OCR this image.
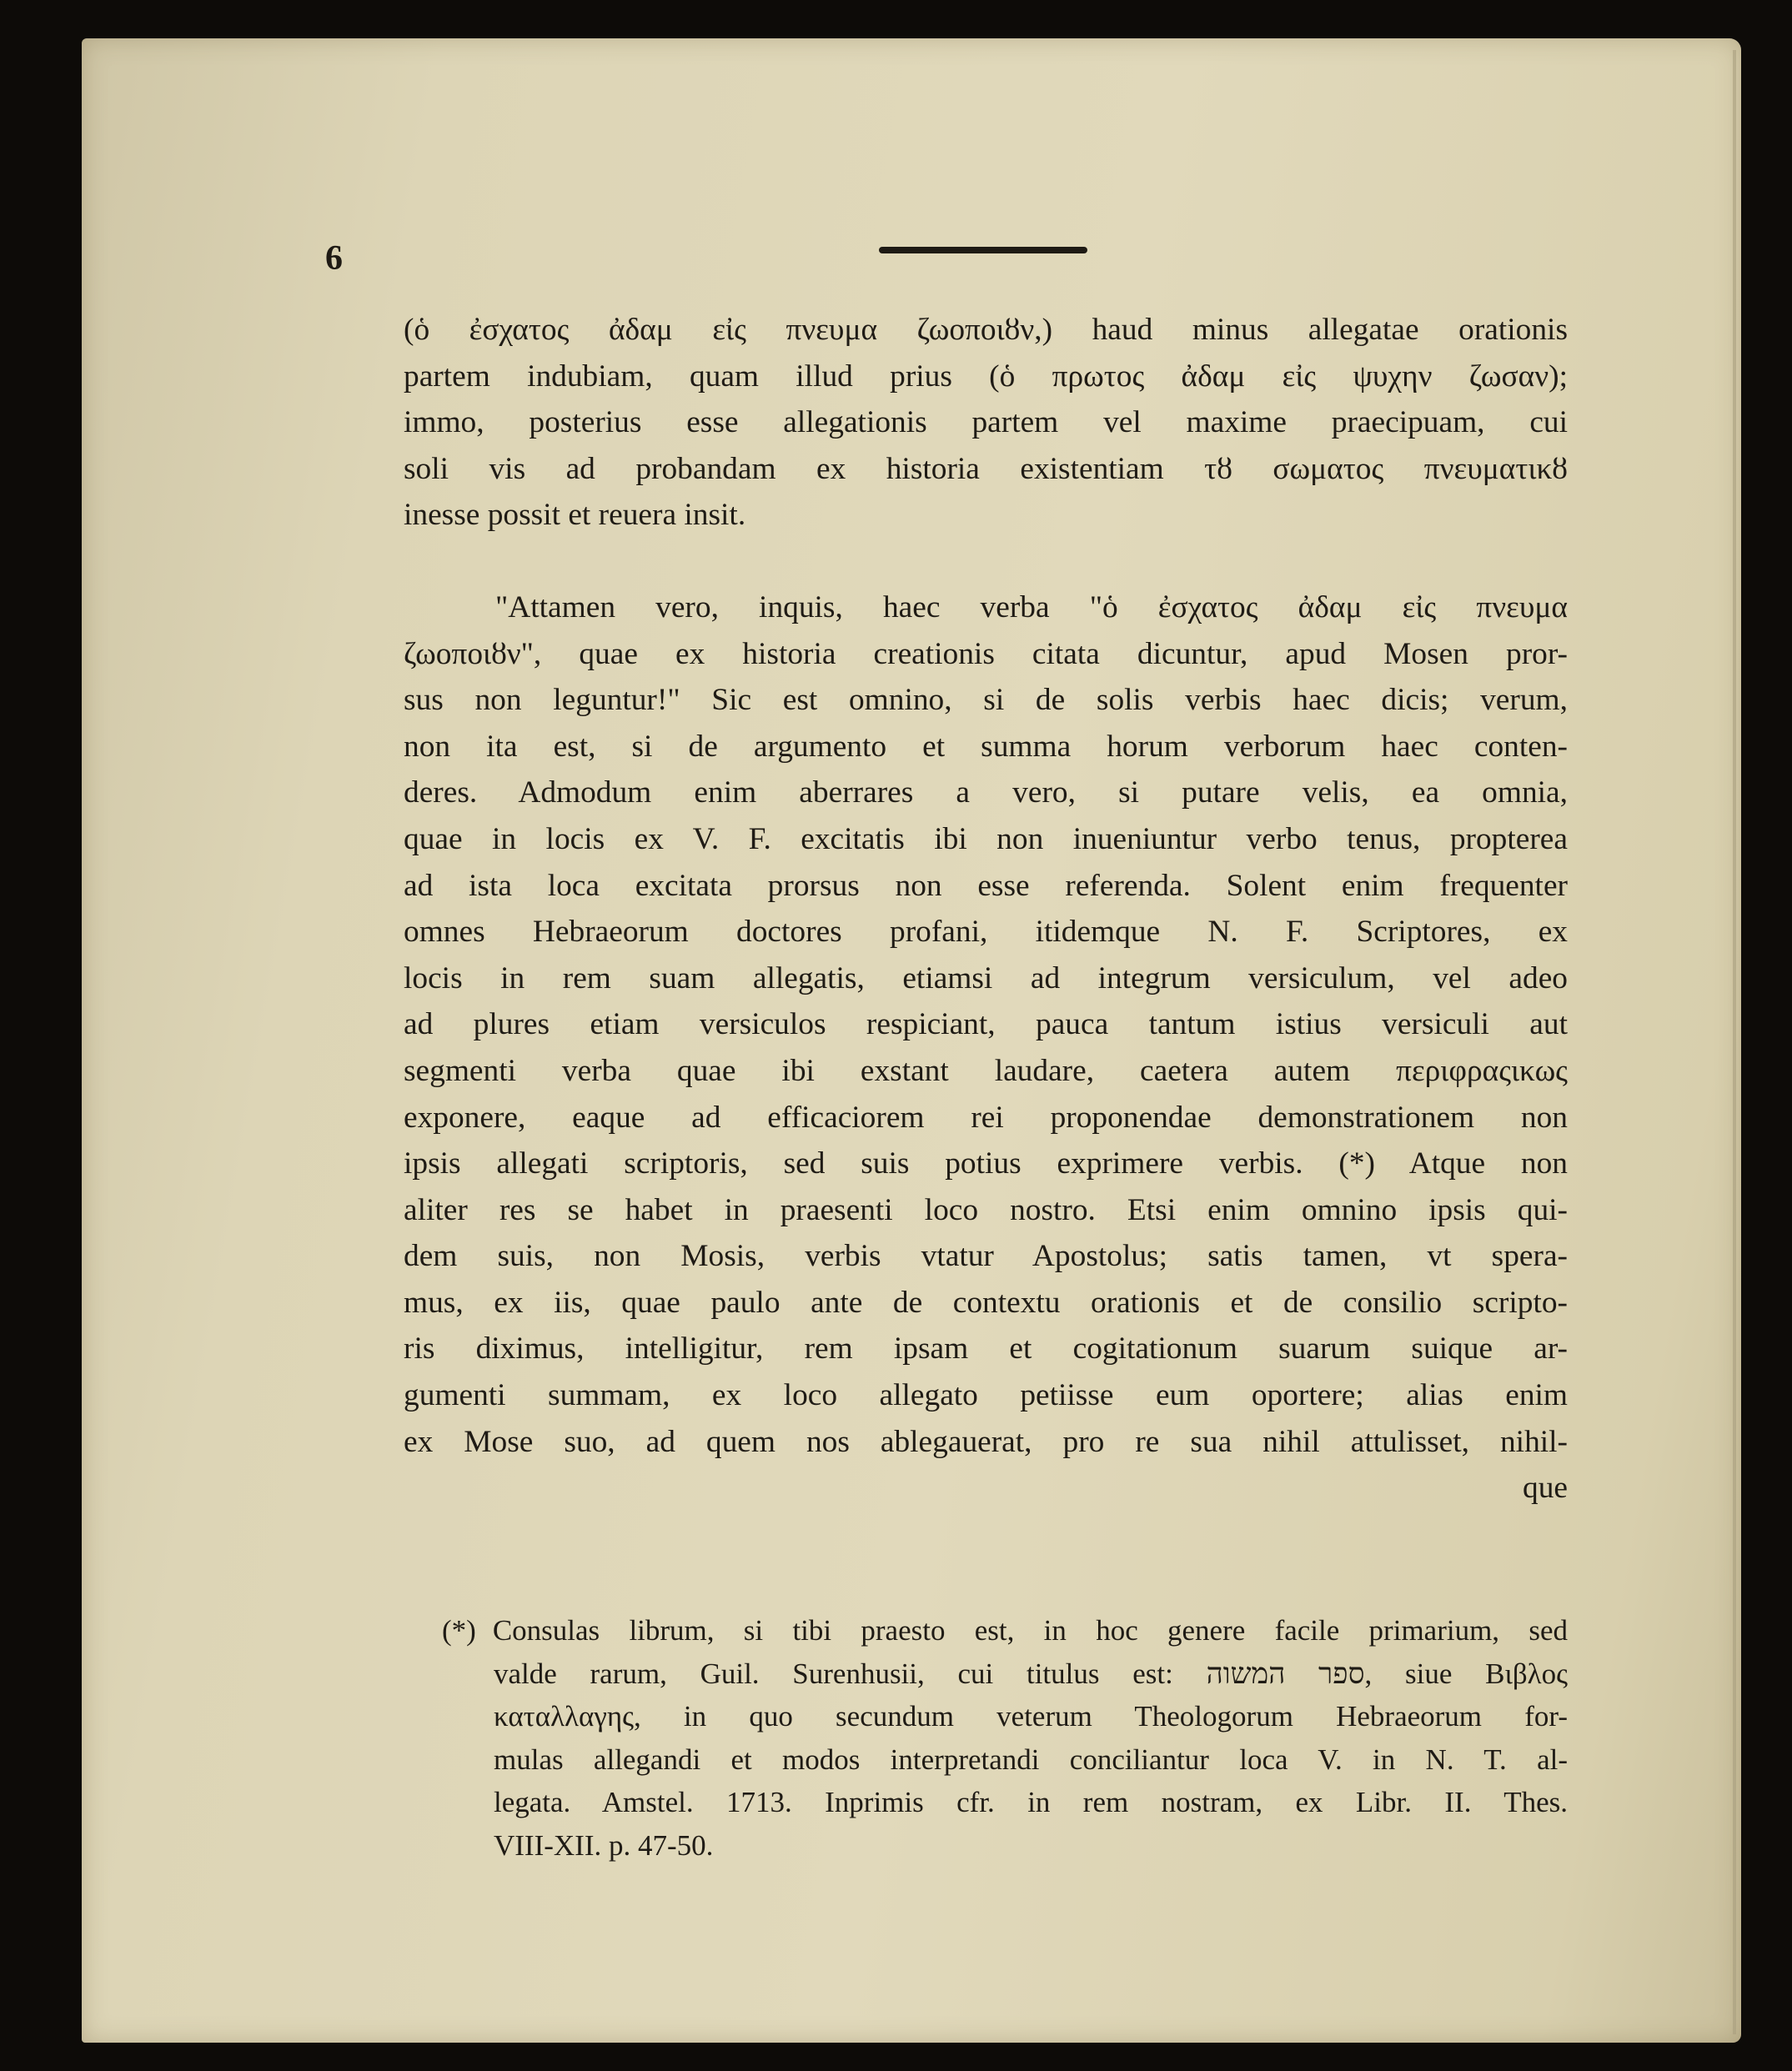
6
(ὁ ἐσχατος ἀδαμ εἰς πνευμα ζωοποιȣν,) haud minus allegatae orationis
partem indubiam, quam illud prius (ὁ πρωτος ἀδαμ εἰς ψυχην ζωσαν);
immo, posterius esse allegationis partem vel maxime praecipuam, cui
soli vis ad probandam ex historia existentiam τȣ σωματος πνευματικȣ
inesse possit et reuera insit.
"Attamen vero, inquis, haec verba "ὁ ἐσχατος ἀδαμ εἰς πνευμα
ζωοποιȣν", quae ex historia creationis citata dicuntur, apud Mosen pror-
sus non leguntur!" Sic est omnino, si de solis verbis haec dicis; verum,
non ita est, si de argumento et summa horum verborum haec conten-
deres. Admodum enim aberrares a vero, si putare velis, ea omnia,
quae in locis ex V. F. excitatis ibi non inueniuntur verbo tenus, propterea
ad ista loca excitata prorsus non esse referenda. Solent enim frequenter
omnes Hebraeorum doctores profani, itidemque N. F. Scriptores, ex
locis in rem suam allegatis, etiamsi ad integrum versiculum, vel adeo
ad plures etiam versiculos respiciant, pauca tantum istius versiculi aut
segmenti verba quae ibi exstant laudare, caetera autem περιφραςικως
exponere, eaque ad efficaciorem rei proponendae demonstrationem non
ipsis allegati scriptoris, sed suis potius exprimere verbis. (*) Atque non
aliter res se habet in praesenti loco nostro. Etsi enim omnino ipsis qui-
dem suis, non Mosis, verbis vtatur Apostolus; satis tamen, vt spera-
mus, ex iis, quae paulo ante de contextu orationis et de consilio scripto-
ris diximus, intelligitur, rem ipsam et cogitationum suarum suique ar-
gumenti summam, ex loco allegato petiisse eum oportere; alias enim
ex Mose suo, ad quem nos ablegauerat, pro re sua nihil attulisset, nihil-
que
(*) Consulas librum, si tibi praesto est, in hoc genere facile primarium, sed
valde rarum, Guil. Surenhusii, cui titulus est: ספר המשוה, siue Βιβλος
καταλλαγης, in quo secundum veterum Theologorum Hebraeorum for-
mulas allegandi et modos interpretandi conciliantur loca V. in N. T. al-
legata. Amstel. 1713. Inprimis cfr. in rem nostram, ex Libr. II. Thes.
VIII-XII. p. 47-50.
